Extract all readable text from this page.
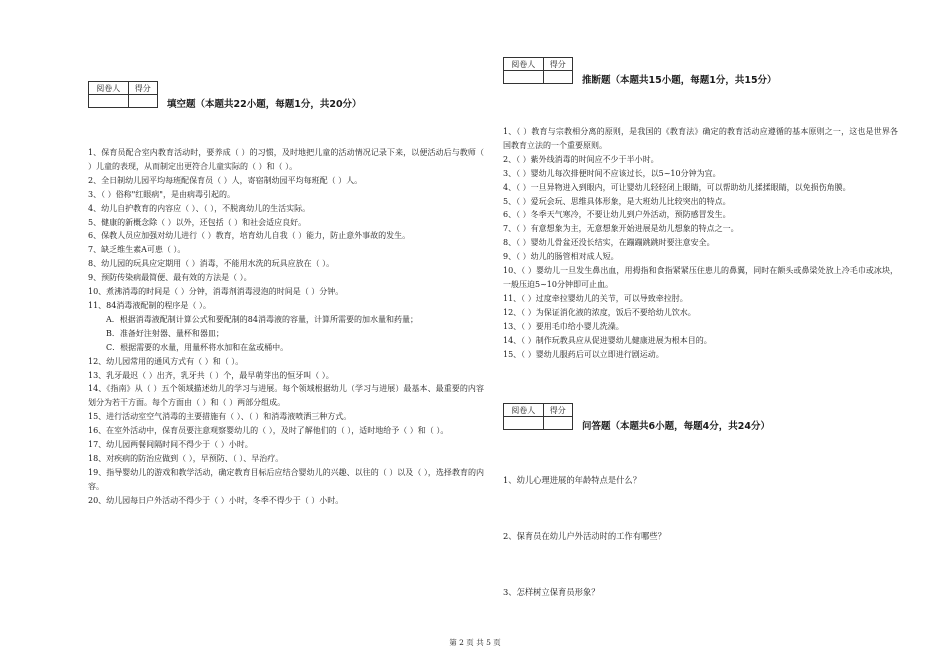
阅卷人	得分

填空题（本题共22小题，每题1分，共20分）

1、保育员配合室内教育活动时，要养成（ ）的习惯，及时地把儿童的活动情况记录下来，以便活动后与教师（ ）儿童的表现，从而制定出更符合儿童实际的（ ）和（ ）。

2、全日制幼儿园平均每班配保育员（ ）人，寄宿制幼园平均每班配（ ）人。

3、（ ）俗称"红眼病"，是由病毒引起的。

4、幼儿自护教育的内容应（ ）、（ ），不脱离幼儿的生活实际。

5、健康的新概念除（ ）以外，还包括（ ）和社会适应良好。

6、保教人员应加强对幼儿进行（ ）教育，培育幼儿自我（ ）能力，防止意外事故的发生。

7、缺乏维生素A可患（ ）。

8、幼儿园的玩具应定期用（ ）消毒，不能用水洗的玩具应放在（ ）。

9、预防传染病最简便、最有效的方法是（ ）。

10、煮沸消毒的时间是（ ）分钟，消毒剂消毒浸泡的时间是（ ）分钟。

11、84消毒液配制的程序是（ ）。

A．根据消毒液配制计算公式和要配制的84消毒液的容量，计算所需要的加水量和药量；

B．准备好注射器、量杯和器皿；

C．根据需要的水量，用量杯将水加和在盆或桶中。

12、幼儿园常用的通风方式有（ ）和（ ）。

13、乳牙最迟（ ）出齐，乳牙共（ ）个，最早萌芽出的恒牙叫（ ）。

14、《指南》从（ ）五个领域描述幼儿的学习与进展。每个领域根据幼儿（学习与进展）最基本、最重要的内容划分为若干方面。每个方面由（ ）和（ ）两部分组成。

15、进行活动室空气消毒的主要措施有（ ）、（ ）和消毒液喷洒三种方式。

16、在室外活动中，保育员要注意观察婴幼儿的（ ），及时了解他们的（ ），适时地给予（ ）和（ ）。

17、幼儿园两餐间隔时间不得少于（ ）小时。

18、对疾病的防治应做到（ ），早预防、（ ）、早治疗。

19、指导婴幼儿的游戏和教学活动，确定教育目标后应结合婴幼儿的兴趣、以往的（ ）以及（ ），选择教育的内容。

20、幼儿园每日户外活动不得少于（ ）小时，冬季不得少于（ ）小时。

阅卷人	得分

推断题（本题共15小题，每题1分，共15分）

1、（ ）教育与宗教相分离的原则，是我国的《教育法》确定的教育活动应遵循的基本原则之一，这也是世界各国教育立法的一个重要原则。

2、（ ）紫外线消毒的时间应不少于半小时。

3、（ ）婴幼儿每次排便时间不应该过长，以5~10分钟为宜。

4、（ ）一旦异物进入到眼内，可让婴幼儿轻轻闭上眼睛，可以帮助幼儿揉揉眼睛，以免损伤角膜。

5、（ ）爱玩会玩、思维具体形象，是大班幼儿比较突出的特点。

6、（ ）冬季天气寒冷，不要让幼儿到户外活动，预防感冒发生。

7、（ ）有意想象为主，无意想象开始进展是幼儿想象的特点之一。

8、（ ）婴幼儿骨盆还没长结实，在蹦蹦跳跳时要注意安全。

9、（ ）幼儿的肠管相对成人短。

10、（ ）婴幼儿一旦发生鼻出血，用拇指和食指紧紧压住患儿的鼻翼，同时在额头或鼻梁处放上冷毛巾或冰块，一般压迫5~10分钟即可止血。

11、（ ）过度牵拉婴幼儿的关节，可以导致牵拉肘。

12、（ ）为保证消化液的浓度，饭后不要给幼儿饮水。

13、（ ）要用毛巾给小婴儿洗澡。

14、（ ）制作玩教具应从促进婴幼儿健康进展为根本目的。

15、（ ）婴幼儿服药后可以立即进行剧运动。

阅卷人	得分

问答题（本题共6小题，每题4分，共24分）
1、幼儿心理进展的年龄特点是什么？
2、保育员在幼儿户外活动时的工作有哪些？
3、怎样树立保育员形象？
第 2 页 共 5 页
